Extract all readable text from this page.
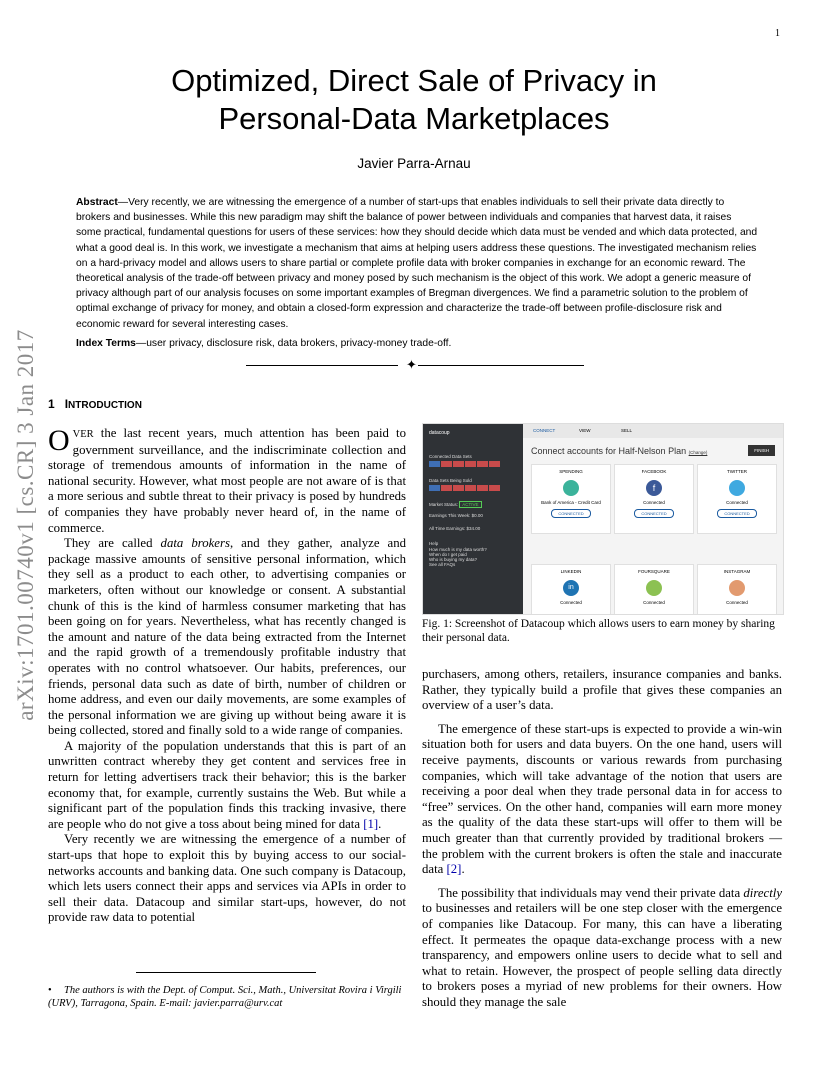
1
arXiv:1701.00740v1 [cs.CR] 3 Jan 2017
Optimized, Direct Sale of Privacy in
Personal-Data Marketplaces
Javier Parra-Arnau
Abstract—Very recently, we are witnessing the emergence of a number of start-ups that enables individuals to sell their private data directly to brokers and businesses. While this new paradigm may shift the balance of power between individuals and companies that harvest data, it raises some practical, fundamental questions for users of these services: how they should decide which data must be vended and which data protected, and what a good deal is. In this work, we investigate a mechanism that aims at helping users address these questions. The investigated mechanism relies on a hard-privacy model and allows users to share partial or complete profile data with broker companies in exchange for an economic reward. The theoretical analysis of the trade-off between privacy and money posed by such mechanism is the object of this work. We adopt a generic measure of privacy although part of our analysis focuses on some important examples of Bregman divergences. We find a parametric solution to the problem of optimal exchange of privacy for money, and obtain a closed-form expression and characterize the trade-off between profile-disclosure risk and economic reward for several interesting cases.
Index Terms—user privacy, disclosure risk, data brokers, privacy-money trade-off.
✦
1 INTRODUCTION

OVER the last recent years, much attention has been paid to government surveillance, and the indiscriminate collection and storage of tremendous amounts of information in the name of national security. However, what most people are not aware of is that a more serious and subtle threat to their privacy is posed by hundreds of companies they have probably never heard of, in the name of commerce.

They are called data brokers, and they gather, analyze and package massive amounts of sensitive personal information, which they sell as a product to each other, to advertising companies or marketers, often without our knowledge or consent. A substantial chunk of this is the kind of harmless consumer marketing that has been going on for years. Nevertheless, what has recently changed is the amount and nature of the data being extracted from the Internet and the rapid growth of a tremendously profitable industry that operates with no control whatsoever. Our habits, preferences, our friends, personal data such as date of birth, number of children or home address, and even our daily movements, are some examples of the personal information we are giving up without being aware it is being collected, stored and finally sold to a wide range of companies.

A majority of the population understands that this is part of an unwritten contract whereby they get content and services free in return for letting advertisers track their behavior; this is the barker economy that, for example, currently sustains the Web. But while a significant part of the population finds this tracking invasive, there are people who do not give a toss about being mined for data [1].

Very recently we are witnessing the emergence of a number of start-ups that hope to exploit this by buying access to our social-networks accounts and banking data. One such company is Datacoup, which lets users connect their apps and services via APIs in order to sell their data. Datacoup and similar start-ups, however, do not provide raw data to potential

• The authors is with the Dept. of Comput. Sci., Math., Universitat Rovira i Virgili (URV), Tarragona, Spain. E-mail: javier.parra@urv.cat
datacoup
Connected Data Sets
Data Sets Being Sold
Market Status: ACTIVE
Earnings This Week: $0.00
All Time Earnings: $34.00
Help
How much is my data worth?
When do I get paid
Who is buying my data?
See all FAQs
CONNECT	VIEW	SELL
Connect accounts for Half-Nelson Plan (Change)	FINISH
SPENDING
Bank of America - Credit Card
CONNECTED
FACEBOOK
f
Connected
CONNECTED
TWITTER
Connected
CONNECTED
LINKEDIN
in
Connected
FOURSQUARE
Connected
INSTAGRAM
Connected
Fig. 1: Screenshot of Datacoup which allows users to earn money by sharing their personal data.

purchasers, among others, retailers, insurance companies and banks. Rather, they typically build a profile that gives these companies an overview of a user’s data.

The emergence of these start-ups is expected to provide a win-win situation both for users and data buyers. On the one hand, users will receive payments, discounts or various rewards from purchasing companies, which will take advantage of the notion that users are receiving a poor deal when they trade personal data in for access to “free” services. On the other hand, companies will earn more money as the quality of the data these start-ups will offer to them will be much greater than that currently provided by traditional brokers — the problem with the current brokers is often the stale and inaccurate data [2].

The possibility that individuals may vend their private data directly to businesses and retailers will be one step closer with the emergence of companies like Datacoup. For many, this can have a liberating effect. It permeates the opaque data-exchange process with a new transparency, and empowers online users to decide what to sell and what to retain. However, the prospect of people selling data directly to brokers poses a myriad of new problems for their owners. How should they manage the sale
